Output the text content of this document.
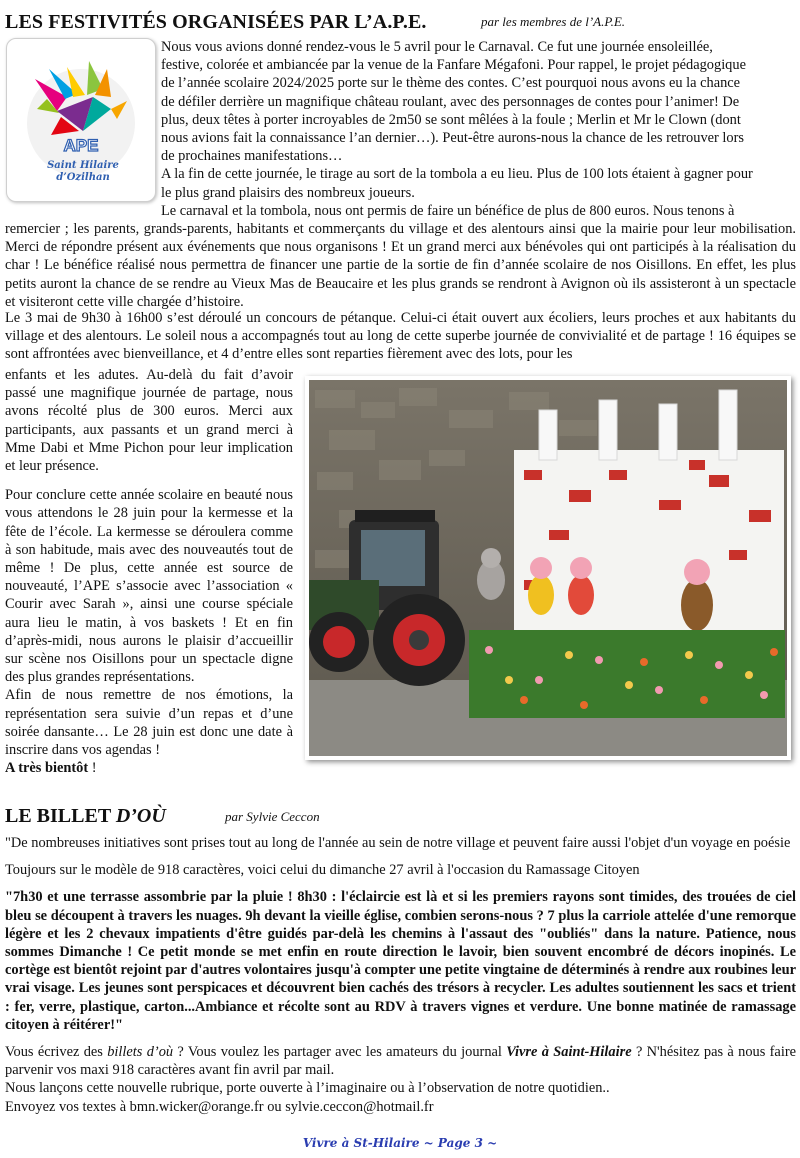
LES FESTIVITÉS ORGANISÉES PAR L’A.P.E.	par les membres de l’A.P.E.
APE
Saint Hilaire
d’Ozilhan

Nous vous avions donné rendez-vous le 5 avril pour le Carnaval. Ce fut une journée ensoleillée,
festive, colorée et ambiancée par la venue de la Fanfare Mégafoni. Pour rappel, le projet pédagogique
de l’année scolaire 2024/2025 porte sur le thème des contes. C’est pourquoi nous avons eu la chance
de défiler derrière un magnifique château roulant, avec des personnages de contes pour l’animer! De
plus, deux têtes à porter incroyables de 2m50 se sont mêlées à la foule ; Merlin et Mr le Clown (dont
nous avions fait la connaissance l’an dernier…). Peut-être aurons-nous la chance de les retrouver lors
de prochaines manifestations…

A la fin de cette journée, le tirage au sort de la tombola a eu lieu. Plus de 100 lots étaient à gagner pour
le plus grand plaisirs des nombreux joueurs.

Le carnaval et la tombola, nous ont permis de faire un bénéfice de plus de 800 euros. Nous tenons à
remercier ; les parents, grands-parents, habitants et commerçants du village et des alentours ainsi que la mairie pour leur mobilisation. Merci de répondre présent aux événements que nous organisons ! Et un grand merci aux bénévoles qui ont participés à la réalisation du char ! Le bénéfice réalisé nous permettra de financer une partie de la sortie de fin d’année scolaire de nos Oisillons. En effet, les plus petits auront la chance de se rendre au Vieux Mas de Beaucaire et les plus grands se rendront à Avignon où ils assisteront à un spectacle et visiteront cette ville chargée d’histoire.

Le 3 mai de 9h30 à 16h00 s’est déroulé un concours de pétanque. Celui-ci était ouvert aux écoliers, leurs proches et aux habitants du village et des alentours. Le soleil nous a accompagnés tout au long de cette superbe journée de convivialité et de partage ! 16 équipes se sont affrontées avec bienveillance, et 4 d’entre elles sont reparties fièrement avec des lots, pour les

enfants et les adutes. Au-delà du fait d’avoir passé une magnifique journée de partage, nous avons récolté plus de 300 euros. Merci aux participants, aux passants et un grand merci à Mme Dabi et Mme Pichon pour leur implication et leur présence.

Pour conclure cette année scolaire en beauté nous vous attendons le 28 juin pour la kermesse et la fête de l’école. La kermesse se déroulera comme à son habitude, mais avec des nouveautés tout de même ! De plus, cette année est source de nouveauté, l’APE s’associe avec l’association « Courir avec Sarah », ainsi une course spéciale aura lieu le matin, à vos baskets ! Et en fin d’après-midi, nous aurons le plaisir d’accueillir sur scène nos Oisillons pour un spectacle digne des plus grandes représentations.

Afin de nous remettre de nos émotions, la représentation sera suivie d’un repas et d’une soirée dansante… Le 28 juin est donc une date à inscrire dans vos agendas !

A très bientôt !

LE BILLET D’OÙ	par Sylvie Ceccon

"De nombreuses initiatives sont prises tout au long de l'année au sein de notre village et peuvent faire aussi l'objet d'un voyage en poésie

Toujours sur le modèle de 918 caractères, voici celui du dimanche 27 avril à l'occasion du Ramassage Citoyen

"7h30 et une terrasse assombrie par la pluie ! 8h30 : l'éclaircie est là et si les premiers rayons sont timides, des trouées de ciel bleu se découpent à travers les nuages. 9h devant la vieille église, combien serons-nous ? 7 plus la carriole attelée d'une remorque légère et les 2 chevaux impatients d'être guidés par-delà les chemins à l'assaut des "oubliés" dans la nature. Patience, nous sommes Dimanche ! Ce petit monde se met enfin en route direction le lavoir, bien souvent encombré de décors inopinés. Le cortège est bientôt rejoint par d'autres volontaires jusqu'à compter une petite vingtaine de déterminés à rendre aux roubines leur vrai visage. Les jeunes sont perspicaces et découvrent bien cachés des trésors à recycler. Les adultes soutiennent les sacs et trient : fer, verre, plastique, carton...Ambiance et récolte sont au RDV à travers vignes et verdure. Une bonne matinée de ramassage citoyen à réitérer!"

Vous écrivez des billets d’où ? Vous voulez les partager avec les amateurs du journal Vivre à Saint-Hilaire ? N'hésitez pas à nous faire parvenir vos maxi 918 caractères avant fin avril par mail.

Nous lançons cette nouvelle rubrique, porte ouverte à l’imaginaire ou à l’observation de notre quotidien..

Envoyez vos textes à bmn.wicker@orange.fr ou sylvie.ceccon@hotmail.fr

Vivre à St-Hilaire ~ Page 3 ~
